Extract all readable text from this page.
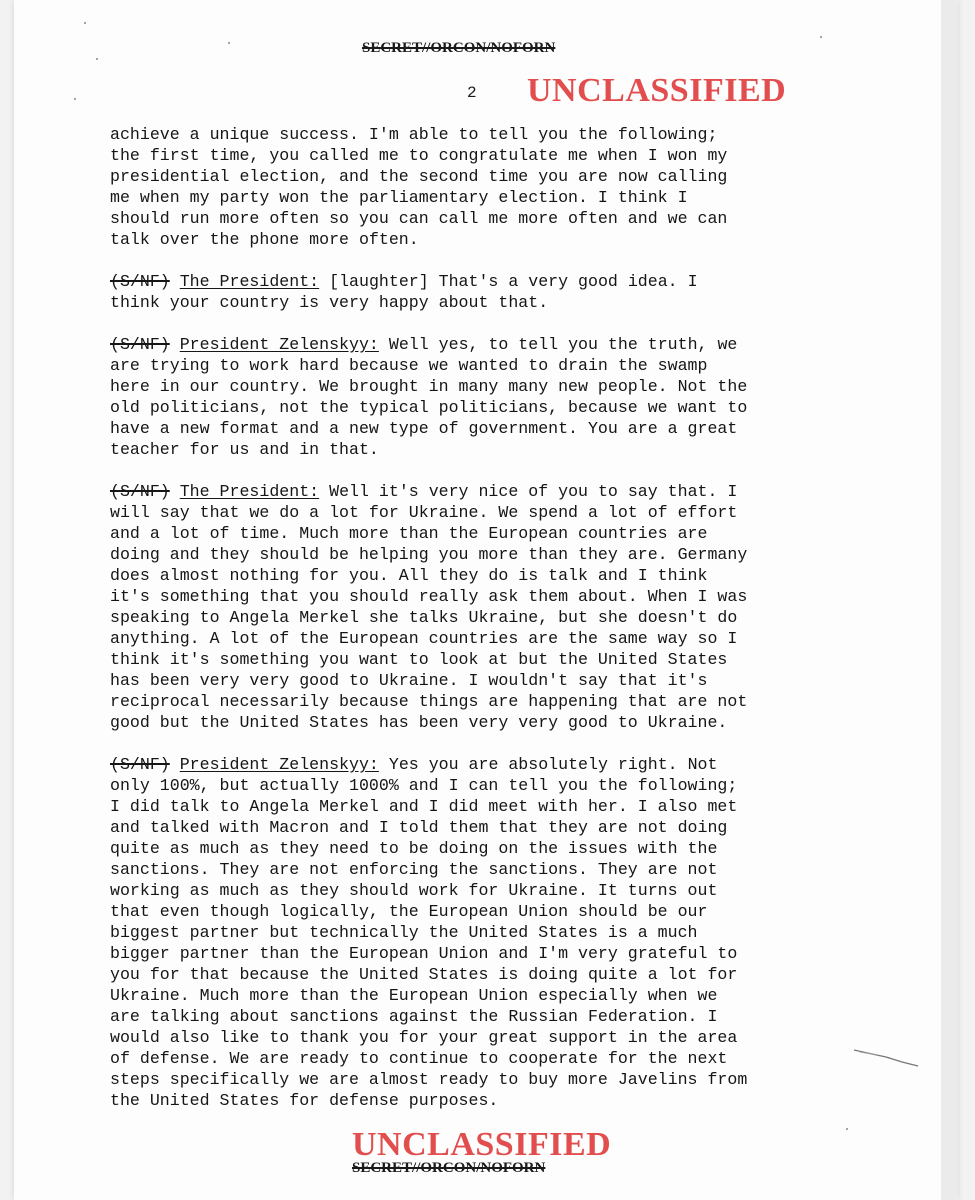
SECRET//ORCON/NOFORN
2 UNCLASSIFIED
achieve a unique success. I'm able to tell you the following;
the first time, you called me to congratulate me when I won my
presidential election, and the second time you are now calling
me when my party won the parliamentary election. I think I
should run more often so you can call me more often and we can
talk over the phone more often.
(S/NF) The President: [laughter] That's a very good idea. I
think your country is very happy about that.
(S/NF) President Zelenskyy: Well yes, to tell you the truth, we
are trying to work hard because we wanted to drain the swamp
here in our country. We brought in many many new people. Not the
old politicians, not the typical politicians, because we want to
have a new format and a new type of government. You are a great
teacher for us and in that.
(S/NF) The President: Well it's very nice of you to say that. I
will say that we do a lot for Ukraine. We spend a lot of effort
and a lot of time. Much more than the European countries are
doing and they should be helping you more than they are. Germany
does almost nothing for you. All they do is talk and I think
it's something that you should really ask them about. When I was
speaking to Angela Merkel she talks Ukraine, but she doesn't do
anything. A lot of the European countries are the same way so I
think it's something you want to look at but the United States
has been very very good to Ukraine. I wouldn't say that it's
reciprocal necessarily because things are happening that are not
good but the United States has been very very good to Ukraine.
(S/NF) President Zelenskyy: Yes you are absolutely right. Not
only 100%, but actually 1000% and I can tell you the following;
I did talk to Angela Merkel and I did meet with her. I also met
and talked with Macron and I told them that they are not doing
quite as much as they need to be doing on the issues with the
sanctions. They are not enforcing the sanctions. They are not
working as much as they should work for Ukraine. It turns out
that even though logically, the European Union should be our
biggest partner but technically the United States is a much
bigger partner than the European Union and I'm very grateful to
you for that because the United States is doing quite a lot for
Ukraine. Much more than the European Union especially when we
are talking about sanctions against the Russian Federation. I
would also like to thank you for your great support in the area
of defense. We are ready to continue to cooperate for the next
steps specifically we are almost ready to buy more Javelins from
the United States for defense purposes.
UNCLASSIFIED
SECRET//ORCON/NOFORN
